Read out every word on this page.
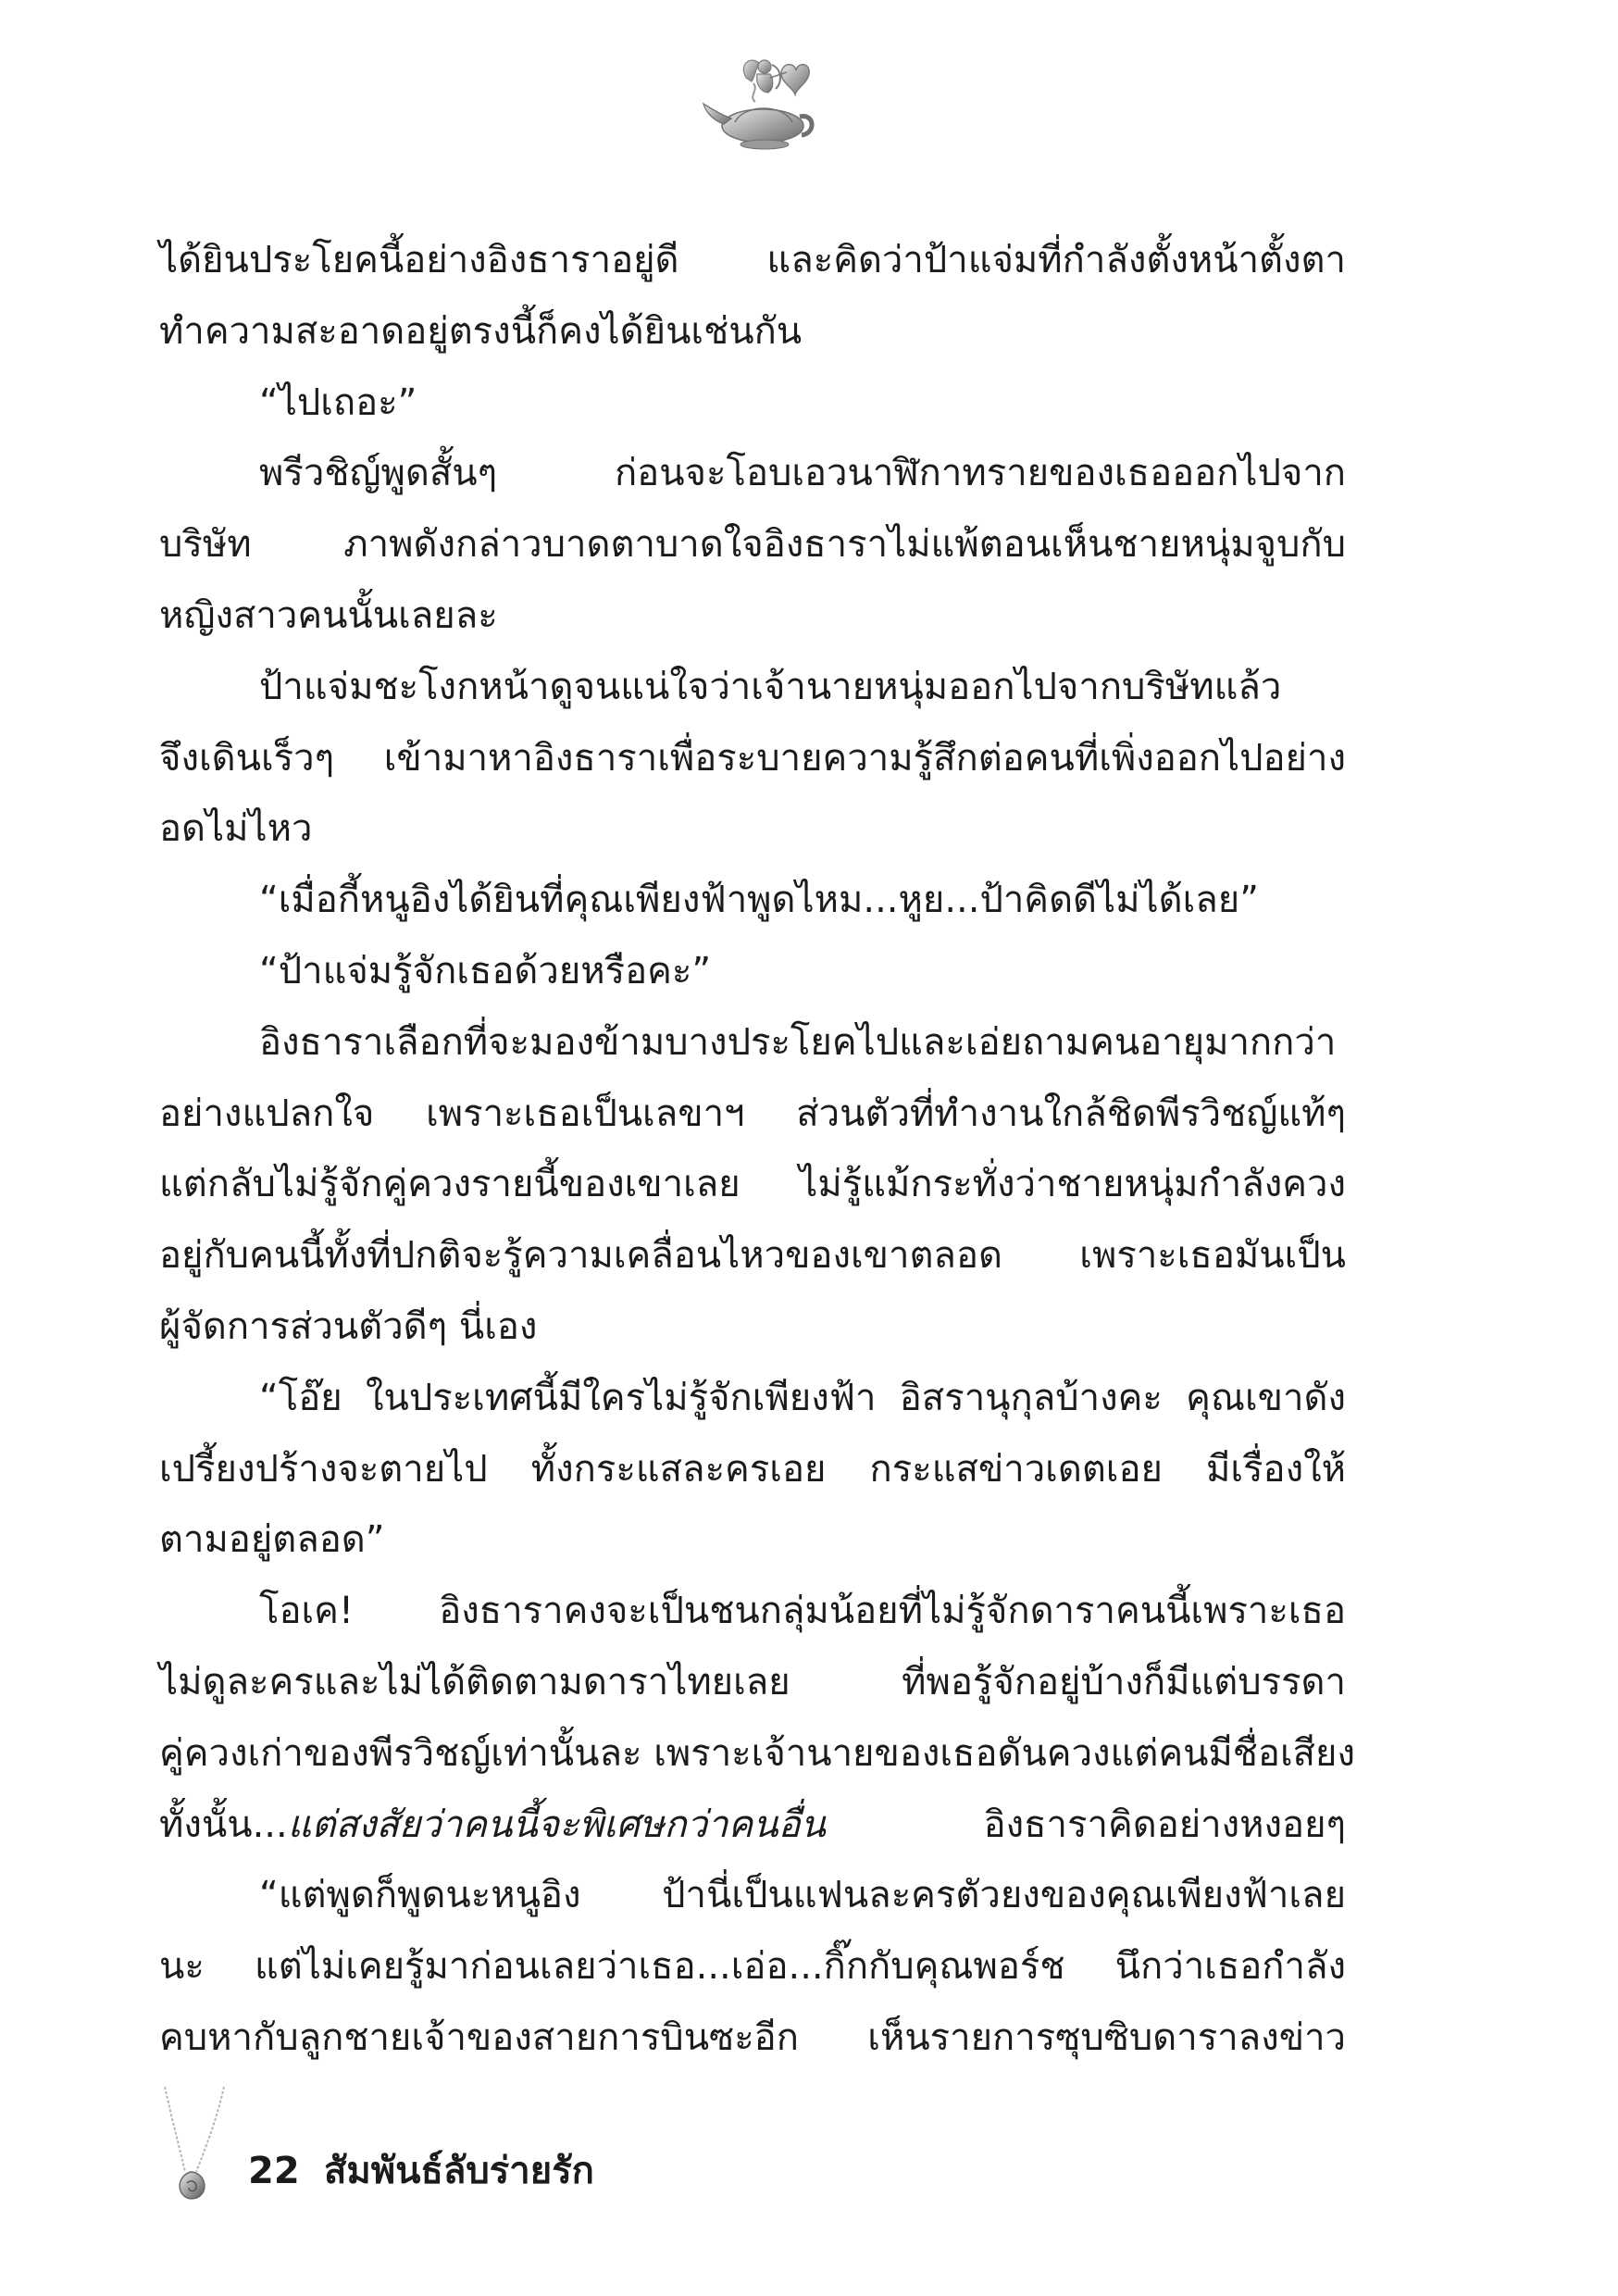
ได้ยินประโยคนี้อย่างอิงธาราอยู่ดี และคิดว่าป้าแจ่มที่กำลังตั้งหน้าตั้งตา
ทำความสะอาดอยู่ตรงนี้ก็คงได้ยินเช่นกัน
“ไปเถอะ”
พรีวชิญ์พูดสั้นๆ ก่อนจะโอบเอวนาฬิกาทรายของเธอออกไปจาก
บริษัท ภาพดังกล่าวบาดตาบาดใจอิงธาราไม่แพ้ตอนเห็นชายหนุ่มจูบกับ
หญิงสาวคนนั้นเลยละ
ป้าแจ่มชะโงกหน้าดูจนแน่ใจว่าเจ้านายหนุ่มออกไปจากบริษัทแล้ว
จึงเดินเร็วๆ เข้ามาหาอิงธาราเพื่อระบายความรู้สึกต่อคนที่เพิ่งออกไปอย่าง
อดไม่ไหว
“เมื่อกี้หนูอิงได้ยินที่คุณเพียงฟ้าพูดไหม...หูย...ป้าคิดดีไม่ได้เลย”
“ป้าแจ่มรู้จักเธอด้วยหรือคะ”
อิงธาราเลือกที่จะมองข้ามบางประโยคไปและเอ่ยถามคนอายุมากกว่า
อย่างแปลกใจ เพราะเธอเป็นเลขาฯ ส่วนตัวที่ทำงานใกล้ชิดพีรวิชญ์แท้ๆ
แต่กลับไม่รู้จักคู่ควงรายนี้ของเขาเลย ไม่รู้แม้กระทั่งว่าชายหนุ่มกำลังควง
อยู่กับคนนี้ทั้งที่ปกติจะรู้ความเคลื่อนไหวของเขาตลอด เพราะเธอมันเป็น
ผู้จัดการส่วนตัวดีๆ นี่เอง
“โอ๊ย ในประเทศนี้มีใครไม่รู้จักเพียงฟ้า อิสรานุกุลบ้างคะ คุณเขาดัง
เปรี้ยงปร้างจะตายไป ทั้งกระแสละครเอย กระแสข่าวเดตเอย มีเรื่องให้
ตามอยู่ตลอด”
โอเค! อิงธาราคงจะเป็นชนกลุ่มน้อยที่ไม่รู้จักดาราคนนี้เพราะเธอ
ไม่ดูละครและไม่ได้ติดตามดาราไทยเลย ที่พอรู้จักอยู่บ้างก็มีแต่บรรดา
คู่ควงเก่าของพีรวิชญ์เท่านั้นละ เพราะเจ้านายของเธอดันควงแต่คนมีชื่อเสียง
ทั้งนั้น...แต่สงสัยว่าคนนี้จะพิเศษกว่าคนอื่น อิงธาราคิดอย่างหงอยๆ
“แต่พูดก็พูดนะหนูอิง ป้านี่เป็นแฟนละครตัวยงของคุณเพียงฟ้าเลย
นะ แต่ไม่เคยรู้มาก่อนเลยว่าเธอ...เอ่อ...กิ๊กกับคุณพอร์ช นึกว่าเธอกำลัง
คบหากับลูกชายเจ้าของสายการบินซะอีก เห็นรายการซุบซิบดาราลงข่าว
22 สัมพันธ์ลับร่ายรัก
